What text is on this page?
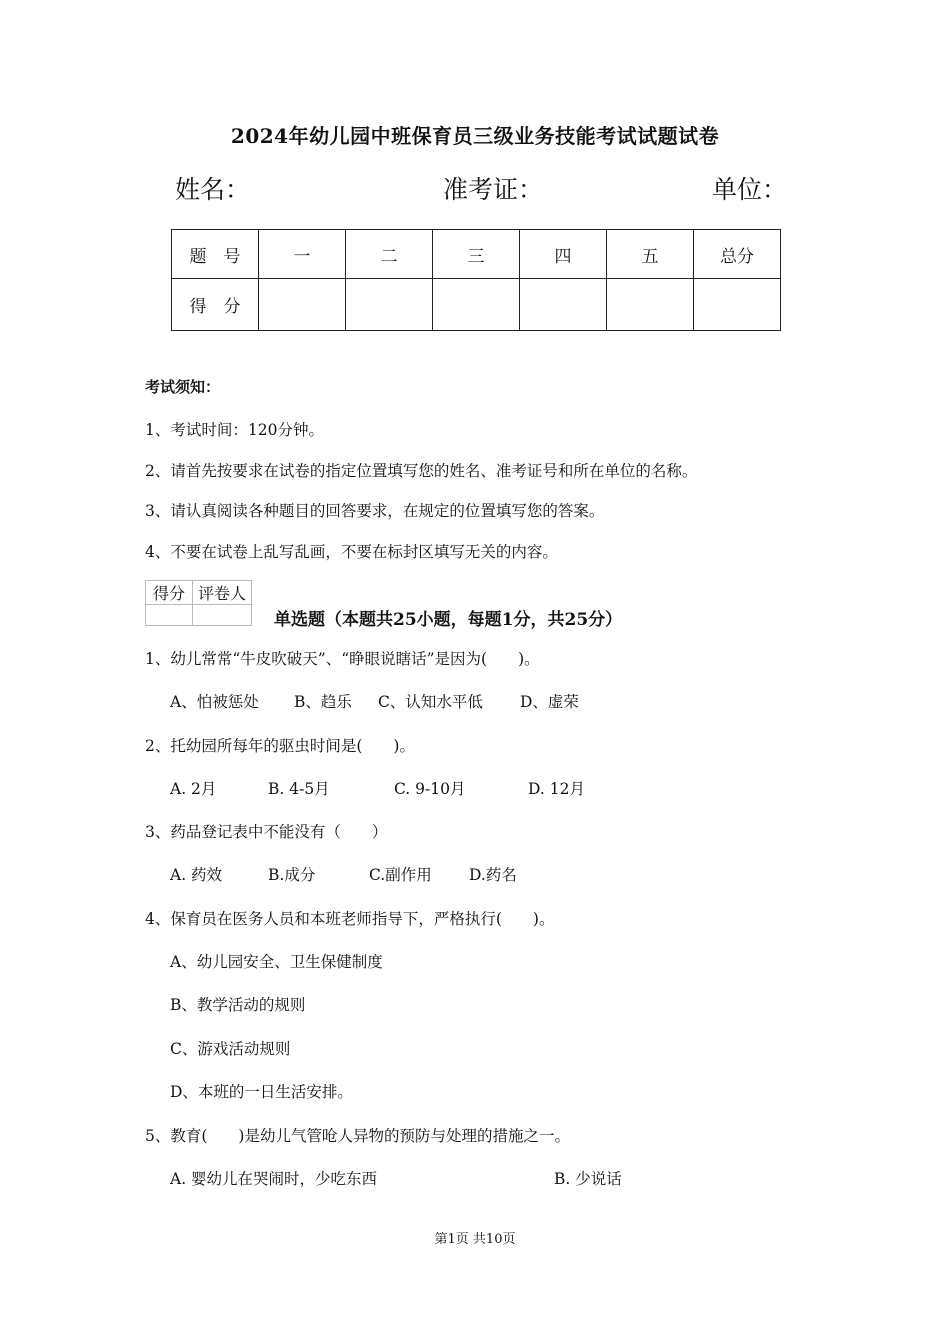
2024年幼儿园中班保育员三级业务技能考试试题试卷
姓名：	准考证：	单位：
题　号	一	二	三	四	五	总分
得　分						
考试须知：
1、考试时间：120分钟。
2、请首先按要求在试卷的指定位置填写您的姓名、准考证号和所在单位的名称。
3、请认真阅读各种题目的回答要求，在规定的位置填写您的答案。
4、不要在试卷上乱写乱画，不要在标封区填写无关的内容。
得分	评卷人

单选题（本题共25小题，每题1分，共25分）
1、幼儿常常“牛皮吹破天”、“睁眼说瞎话”是因为(　　)。
A、怕被惩处 B、趋乐 C、认知水平低 D、虚荣
2、托幼园所每年的驱虫时间是(　　)。
A. 2月	B. 4-5月	C. 9-10月	D. 12月
3、药品登记表中不能没有（　　）
A. 药效	B.成分	C.副作用 D.药名
4、保育员在医务人员和本班老师指导下，严格执行(　　)。
A、幼儿园安全、卫生保健制度
B、教学活动的规则
C、游戏活动规则
D、本班的一日生活安排。
5、教育(　　)是幼儿气管呛人异物的预防与处理的措施之一。
A. 婴幼儿在哭闹时，少吃东西	B. 少说话
第1页 共10页
